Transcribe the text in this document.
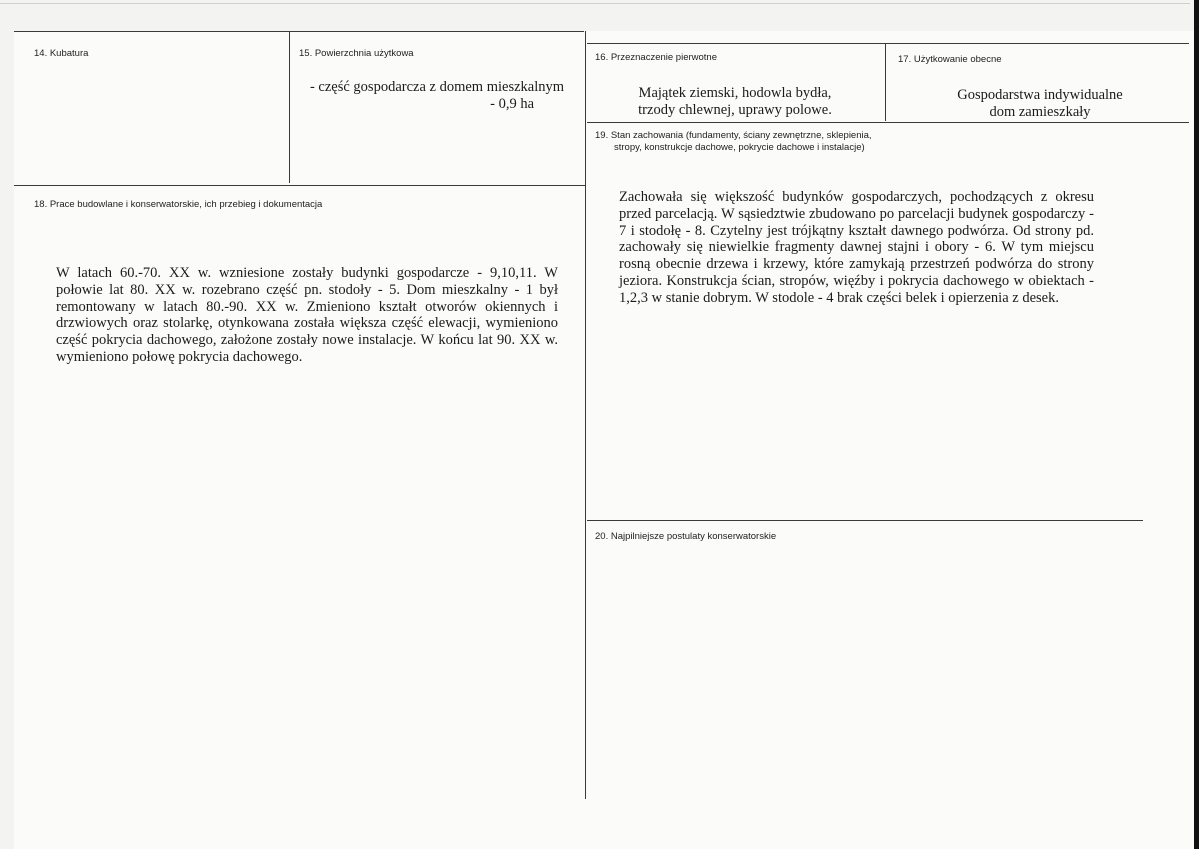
14. Kubatura	15. Powierzchnia użytkowa
- część gospodarcza z domem mieszkalnym
- 0,9 ha
16. Przeznaczenie pierwotne
Majątek ziemski, hodowla bydła,
trzody chlewnej, uprawy polowe.
17. Użytkowanie obecne
Gospodarstwa indywidualne
dom zamieszkały
19. Stan zachowania (fundamenty, ściany zewnętrzne, sklepienia,
stropy, konstrukcje dachowe, pokrycie dachowe i instalacje)

Zachowała się większość budynków gospodarczych, pochodzących z okresu przed parcelacją. W sąsiedztwie zbudowano po parcelacji budynek gospodarczy - 7 i stodołę - 8. Czytelny jest trójkątny kształt dawnego podwórza. Od strony pd. zachowały się niewielkie fragmenty dawnej stajni i obory - 6. W tym miejscu rosną obecnie drzewa i krzewy, które zamykają przestrzeń podwórza do strony jeziora. Konstrukcja ścian, stropów, więźby i pokrycia dachowego w obiektach - 1,2,3 w stanie dobrym. W stodole - 4 brak części belek i opierzenia z desek.

18. Prace budowlane i konserwatorskie, ich przebieg i dokumentacja

W latach 60.-70. XX w. wzniesione zostały budynki gospodarcze - 9,10,11. W połowie lat 80. XX w. rozebrano część pn. stodoły - 5. Dom mieszkalny - 1 był remontowany w latach 80.-90. XX w. Zmieniono kształt otworów okiennych i drzwiowych oraz stolarkę, otynkowana została większa część elewacji, wymieniono część pokrycia dachowego, założone zostały nowe instalacje. W końcu lat 90. XX w. wymieniono połowę pokrycia dachowego.

20. Najpilniejsze postulaty konserwatorskie
